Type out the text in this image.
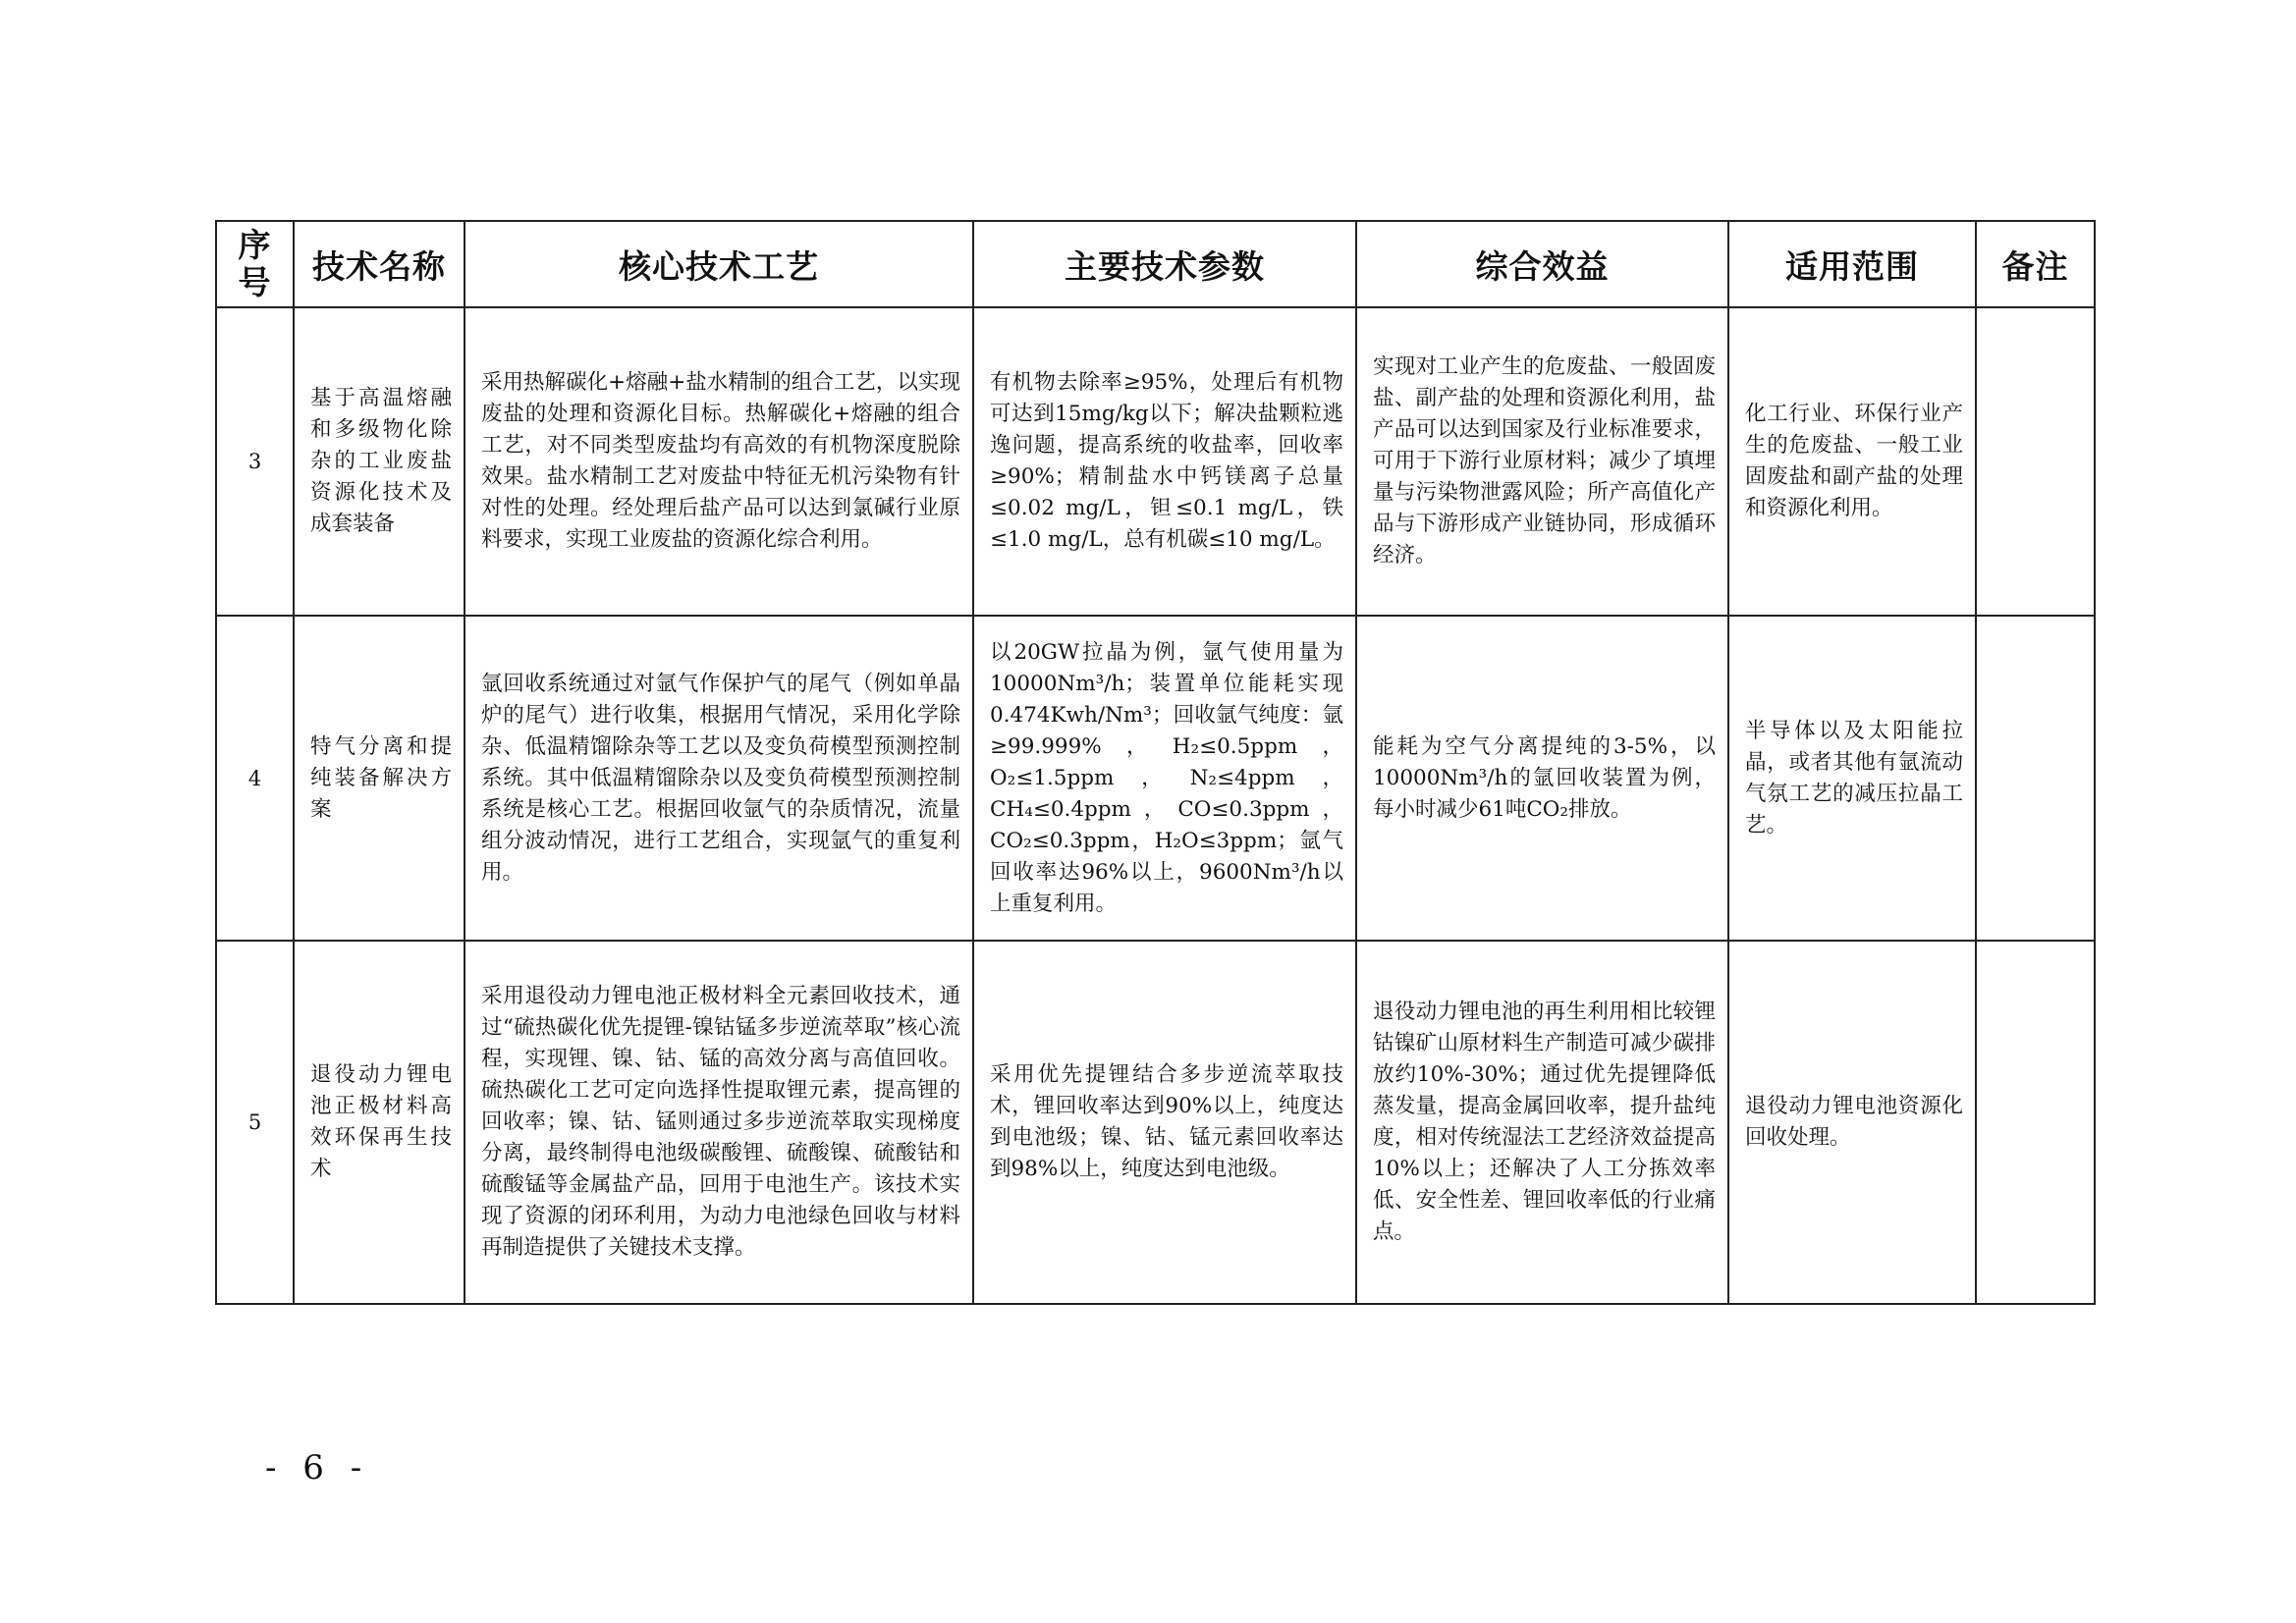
序号	技术名称	核心技术工艺	主要技术参数	综合效益	适用范围	备注
3	基于高温熔融和多级物化除杂的工业废盐资源化技术及成套装备	采用热解碳化+熔融+盐水精制的组合工艺，以实现废盐的处理和资源化目标。热解碳化+熔融的组合工艺，对不同类型废盐均有高效的有机物深度脱除效果。盐水精制工艺对废盐中特征无机污染物有针对性的处理。经处理后盐产品可以达到氯碱行业原料要求，实现工业废盐的资源化综合利用。	有机物去除率≥95%，处理后有机物可达到15mg/kg以下；解决盐颗粒逃逸问题，提高系统的收盐率，回收率≥90%；精制盐水中钙镁离子总量≤0.02 mg/L，钽≤0.1 mg/L，铁≤1.0 mg/L，总有机碳≤10 mg/L。	实现对工业产生的危废盐、一般固废盐、副产盐的处理和资源化利用，盐产品可以达到国家及行业标准要求，可用于下游行业原材料；减少了填埋量与污染物泄露风险；所产高值化产品与下游形成产业链协同，形成循环经济。	化工行业、环保行业产生的危废盐、一般工业固废盐和副产盐的处理和资源化利用。	

4	特气分离和提纯装备解决方案	氩回收系统通过对氩气作保护气的尾气（例如单晶炉的尾气）进行收集，根据用气情况，采用化学除杂、低温精馏除杂等工艺以及变负荷模型预测控制系统。其中低温精馏除杂以及变负荷模型预测控制系统是核心工艺。根据回收氩气的杂质情况，流量组分波动情况，进行工艺组合，实现氩气的重复利用。	以20GW拉晶为例，氩气使用量为10000Nm³/h；装置单位能耗实现0.474Kwh/Nm³；回收氩气纯度：氩≥99.999%，H₂≤0.5ppm，O₂≤1.5ppm，N₂≤4ppm，CH₄≤0.4ppm，CO≤0.3ppm，CO₂≤0.3ppm，H₂O≤3ppm；氩气回收率达96%以上，9600Nm³/h以上重复利用。	能耗为空气分离提纯的3-5%，以10000Nm³/h的氩回收装置为例，每小时减少61吨CO₂排放。	半导体以及太阳能拉晶，或者其他有氩流动气氛工艺的减压拉晶工艺。	

5	退役动力锂电池正极材料高效环保再生技术	采用退役动力锂电池正极材料全元素回收技术，通过“硫热碳化优先提锂-镍钴锰多步逆流萃取”核心流程，实现锂、镍、钴、锰的高效分离与高值回收。硫热碳化工艺可定向选择性提取锂元素，提高锂的回收率；镍、钴、锰则通过多步逆流萃取实现梯度分离，最终制得电池级碳酸锂、硫酸镍、硫酸钴和硫酸锰等金属盐产品，回用于电池生产。该技术实现了资源的闭环利用，为动力电池绿色回收与材料再制造提供了关键技术支撑。	采用优先提锂结合多步逆流萃取技术，锂回收率达到90%以上，纯度达到电池级；镍、钴、锰元素回收率达到98%以上，纯度达到电池级。	退役动力锂电池的再生利用相比较锂钴镍矿山原材料生产制造可减少碳排放约10%-30%；通过优先提锂降低蒸发量，提高金属回收率，提升盐纯度，相对传统湿法工艺经济效益提高10%以上；还解决了人工分拣效率低、安全性差、锂回收率低的行业痛点。	退役动力锂电池资源化回收处理。	

- 6 -
